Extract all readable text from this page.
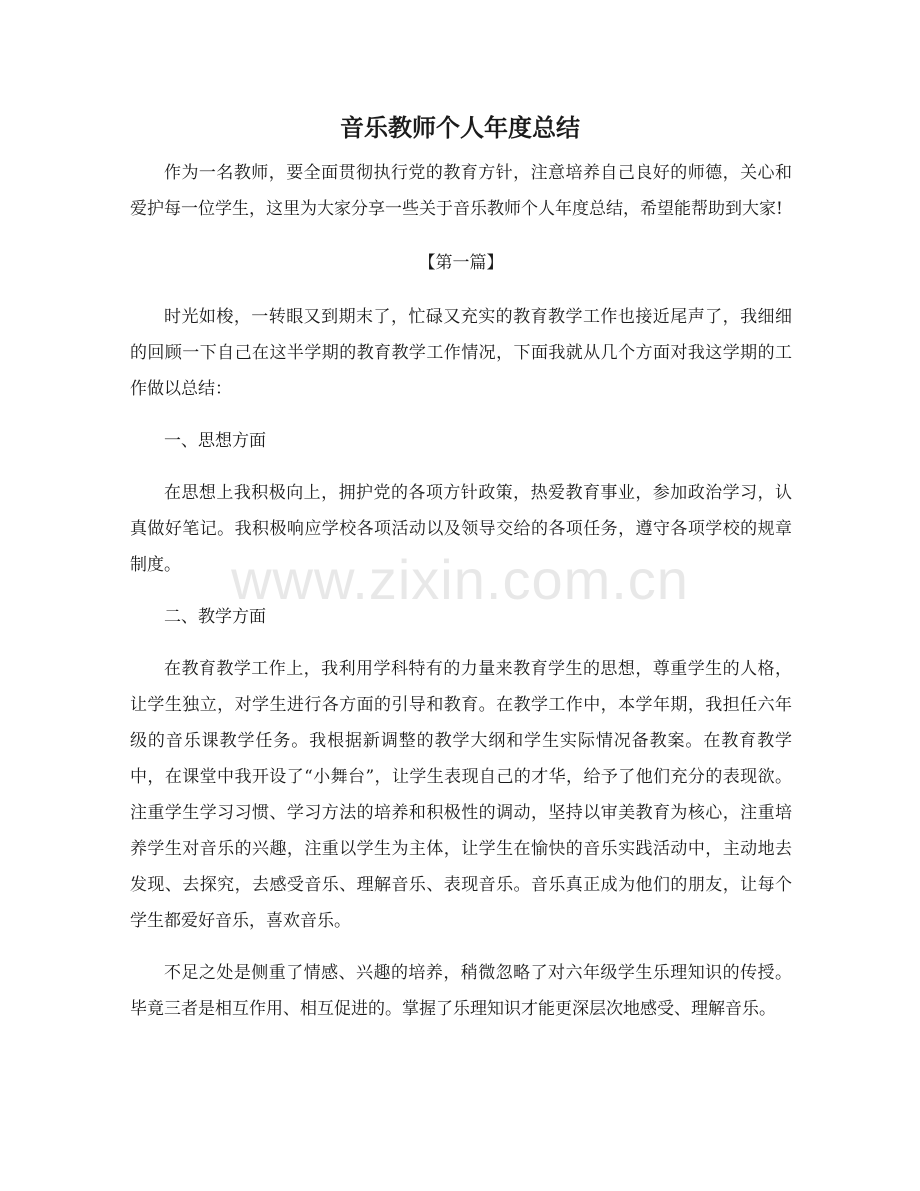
音乐教师个人年度总结

作为一名教师，要全面贯彻执行党的教育方针，注意培养自己良好的师德，关心和爱护每一位学生，这里为大家分享一些关于音乐教师个人年度总结，希望能帮助到大家!

【第一篇】

时光如梭，一转眼又到期末了，忙碌又充实的教育教学工作也接近尾声了，我细细的回顾一下自己在这半学期的教育教学工作情况，下面我就从几个方面对我这学期的工作做以总结：

一、思想方面

在思想上我积极向上，拥护党的各项方针政策，热爱教育事业，参加政治学习，认真做好笔记。我积极响应学校各项活动以及领导交给的各项任务，遵守各项学校的规章制度。

二、教学方面

在教育教学工作上，我利用学科特有的力量来教育学生的思想，尊重学生的人格，让学生独立，对学生进行各方面的引导和教育。在教学工作中，本学年期，我担任六年级的音乐课教学任务。我根据新调整的教学大纲和学生实际情况备教案。在教育教学中，在课堂中我开设了“小舞台”，让学生表现自己的才华，给予了他们充分的表现欲。注重学生学习习惯、学习方法的培养和积极性的调动，坚持以审美教育为核心，注重培养学生对音乐的兴趣，注重以学生为主体，让学生在愉快的音乐实践活动中，主动地去发现、去探究，去感受音乐、理解音乐、表现音乐。音乐真正成为他们的朋友，让每个学生都爱好音乐，喜欢音乐。

不足之处是侧重了情感、兴趣的培养，稍微忽略了对六年级学生乐理知识的传授。毕竟三者是相互作用、相互促进的。掌握了乐理知识才能更深层次地感受、理解音乐。

www.zixin.com.cn
